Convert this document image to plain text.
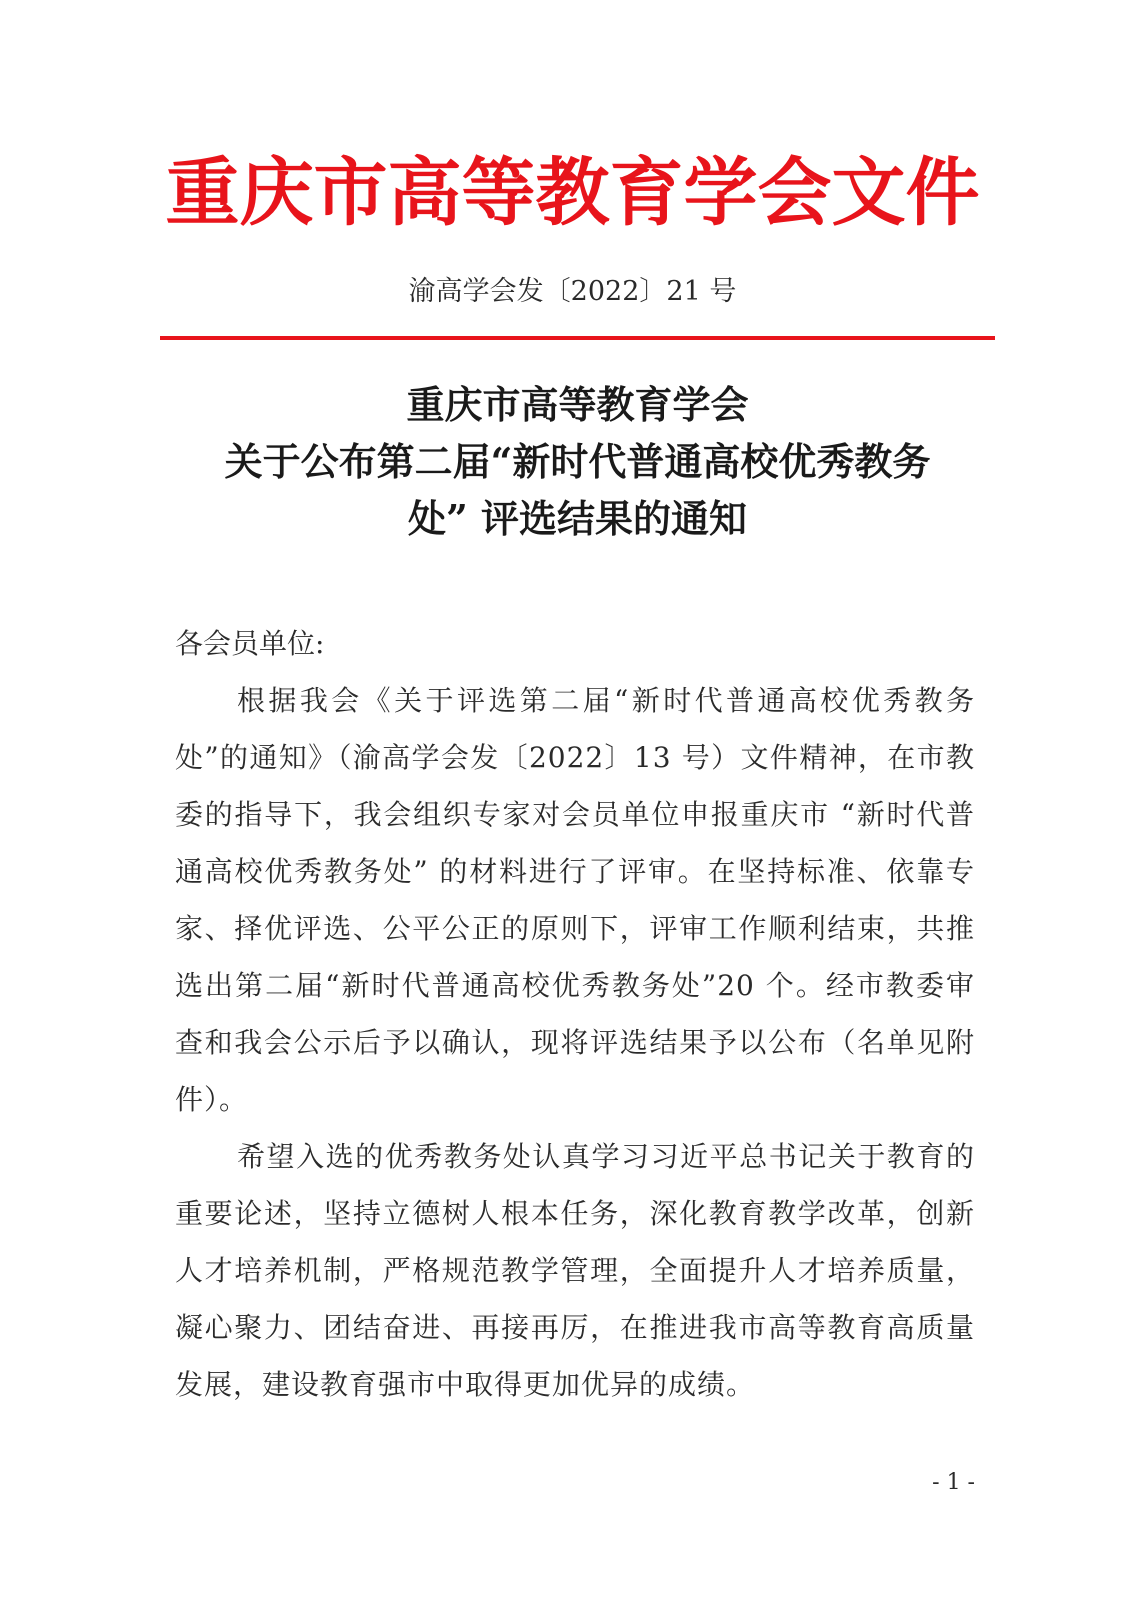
重庆市高等教育学会文件
渝高学会发〔2022〕21 号
重庆市高等教育学会
关于公布第二届“新时代普通高校优秀教务
处” 评选结果的通知
各会员单位:

根据我会《关于评选第二届“新时代普通高校优秀教务处”的通知》（渝高学会发〔2022〕13 号）文件精神，在市教委的指导下，我会组织专家对会员单位申报重庆市 “新时代普通高校优秀教务处” 的材料进行了评审。在坚持标准、依靠专家、择优评选、公平公正的原则下，评审工作顺利结束，共推选出第二届“新时代普通高校优秀教务处”20 个。经市教委审查和我会公示后予以确认，现将评选结果予以公布（名单见附件）。

希望入选的优秀教务处认真学习习近平总书记关于教育的重要论述，坚持立德树人根本任务，深化教育教学改革，创新人才培养机制，严格规范教学管理，全面提升人才培养质量，凝心聚力、团结奋进、再接再厉，在推进我市高等教育高质量发展，建设教育强市中取得更加优异的成绩。

- 1 -
